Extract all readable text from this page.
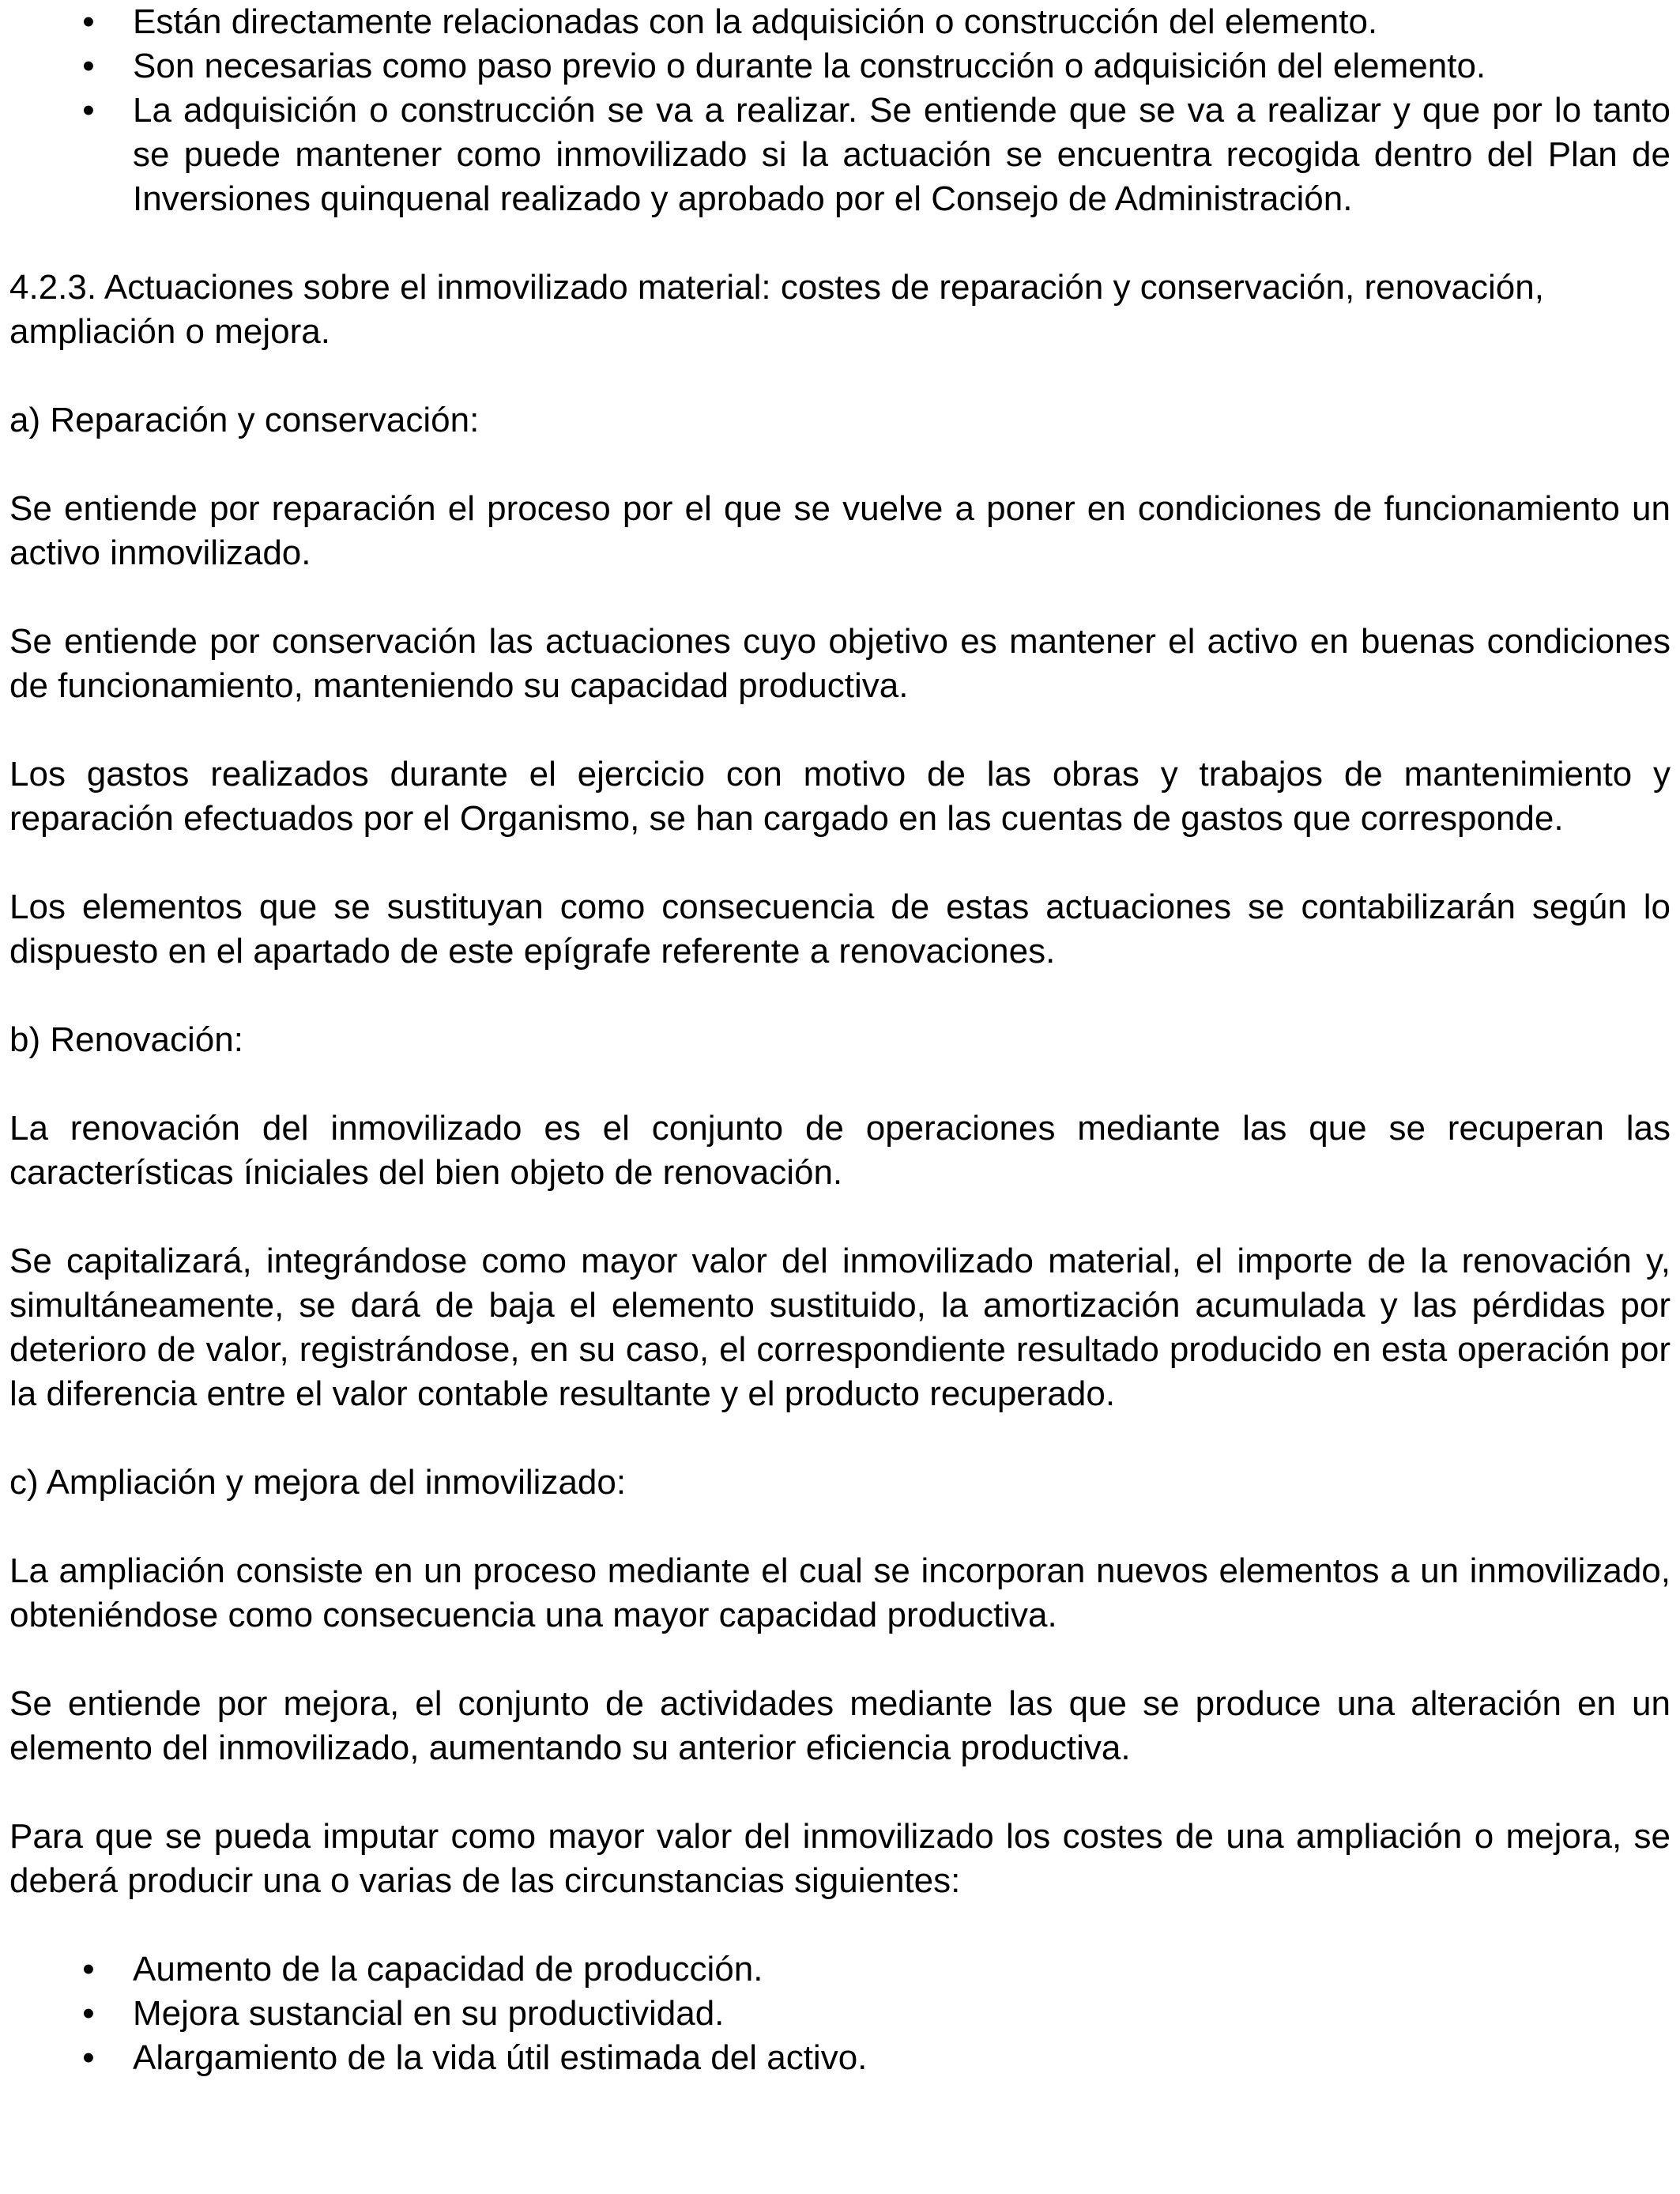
• Están directamente relacionadas con la adquisición o construcción del elemento.
• Son necesarias como paso previo o durante la construcción o adquisición del elemento.
• La adquisición o construcción se va a realizar. Se entiende que se va a realizar y que por lo tanto se puede mantener como inmovilizado si la actuación se encuentra recogida dentro del Plan de Inversiones quinquenal realizado y aprobado por el Consejo de Administración.

4.2.3. Actuaciones sobre el inmovilizado material: costes de reparación y conservación, renovación, ampliación o mejora.

a) Reparación y conservación:

Se entiende por reparación el proceso por el que se vuelve a poner en condiciones de funcionamiento un activo inmovilizado.

Se entiende por conservación las actuaciones cuyo objetivo es mantener el activo en buenas condiciones de funcionamiento, manteniendo su capacidad productiva.

Los gastos realizados durante el ejercicio con motivo de las obras y trabajos de mantenimiento y reparación efectuados por el Organismo, se han cargado en las cuentas de gastos que corresponde.

Los elementos que se sustituyan como consecuencia de estas actuaciones se contabilizarán según lo dispuesto en el apartado de este epígrafe referente a renovaciones.

b) Renovación:

La renovación del inmovilizado es el conjunto de operaciones mediante las que se recuperan las características íniciales del bien objeto de renovación.

Se capitalizará, integrándose como mayor valor del inmovilizado material, el importe de la renovación y, simultáneamente, se dará de baja el elemento sustituido, la amortización acumulada y las pérdidas por deterioro de valor, registrándose, en su caso, el correspondiente resultado producido en esta operación por la diferencia entre el valor contable resultante y el producto recuperado.

c) Ampliación y mejora del inmovilizado:

La ampliación consiste en un proceso mediante el cual se incorporan nuevos elementos a un inmovilizado, obteniéndose como consecuencia una mayor capacidad productiva.

Se entiende por mejora, el conjunto de actividades mediante las que se produce una alteración en un elemento del inmovilizado, aumentando su anterior eficiencia productiva.

Para que se pueda imputar como mayor valor del inmovilizado los costes de una ampliación o mejora, se deberá producir una o varias de las circunstancias siguientes:

• Aumento de la capacidad de producción.
• Mejora sustancial en su productividad.
• Alargamiento de la vida útil estimada del activo.
